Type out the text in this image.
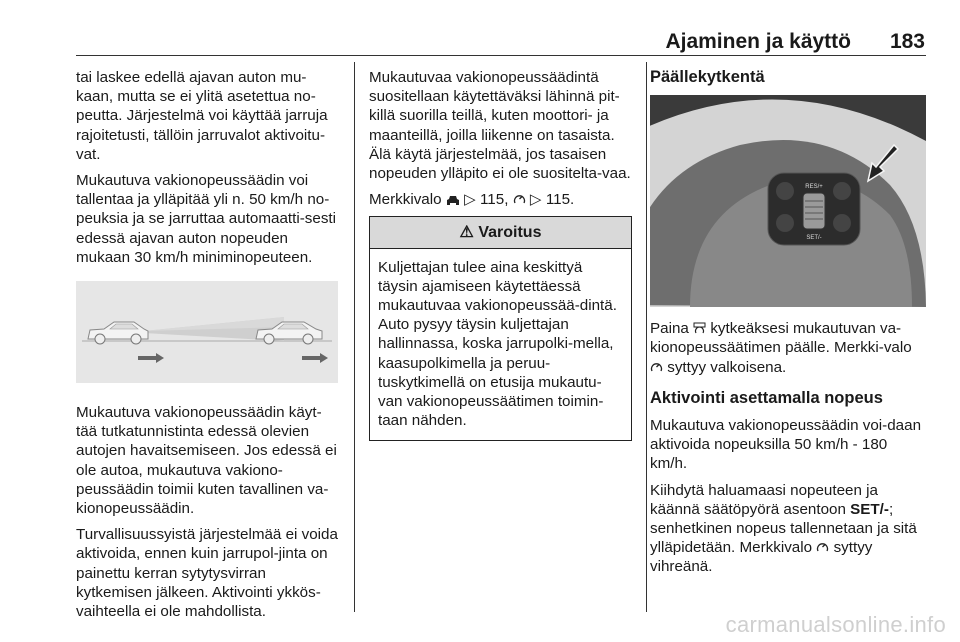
Ajaminen ja käyttö 183

tai laskee edellä ajavan auton mu-kaan, mutta se ei ylitä asetettua no-peutta. Järjestelmä voi käyttää jarruja rajoitetusti, tällöin jarruvalot aktivoitu-vat.

Mukautuva vakionopeussäädin voi tallentaa ja ylläpitää yli n. 50 km/h no-peuksia ja se jarruttaa automaatti-sesti edessä ajavan auton nopeuden mukaan 30 km/h miniminopeuteen.

Mukautuva vakionopeussäädin käyt-tää tutkatunnistinta edessä olevien autojen havaitsemiseen. Jos edessä ei ole autoa, mukautuva vakiono-peussäädin toimii kuten tavallinen va-kionopeussäädin.

Turvallisuussyistä järjestelmää ei voida aktivoida, ennen kuin jarrupol-jinta on painettu kerran sytytysvirran kytkemisen jälkeen. Aktivointi ykkös-vaihteella ei ole mahdollista.

Mukautuvaa vakionopeussäädintä suositellaan käytettäväksi lähinnä pit-killä suorilla teillä, kuten moottori- ja maanteillä, joilla liikenne on tasaista. Älä käytä järjestelmää, jos tasaisen nopeuden ylläpito ei ole suositelta-vaa.

Merkkivalo ▷ 115,  ▷ 115.

⚠ Varoitus
Kuljettajan tulee aina keskittyä täysin ajamiseen käytettäessä mukautuvaa vakionopeussää-dintä. Auto pysyy täysin kuljettajan hallinnassa, koska jarrupolki-mella, kaasupolkimella ja peruu-tuskytkimellä on etusija mukautu-van vakionopeussäätimen toimin-taan nähden.
Päällekytkentä
RES/+
SET/-

Paina kytkeäksesi mukautuvan va-kionopeussäätimen päälle. Merkki-valo  syttyy valkoisena.

Aktivointi asettamalla nopeus

Mukautuva vakionopeussäädin voi-daan aktivoida nopeuksilla 50 km/h - 180 km/h.

Kiihdytä haluamaasi nopeuteen ja käännä säätöpyörä asentoon SET/-; senhetkinen nopeus tallennetaan ja sitä ylläpidetään. Merkkivalo syttyy vihreänä.

carmanualsonline.info
